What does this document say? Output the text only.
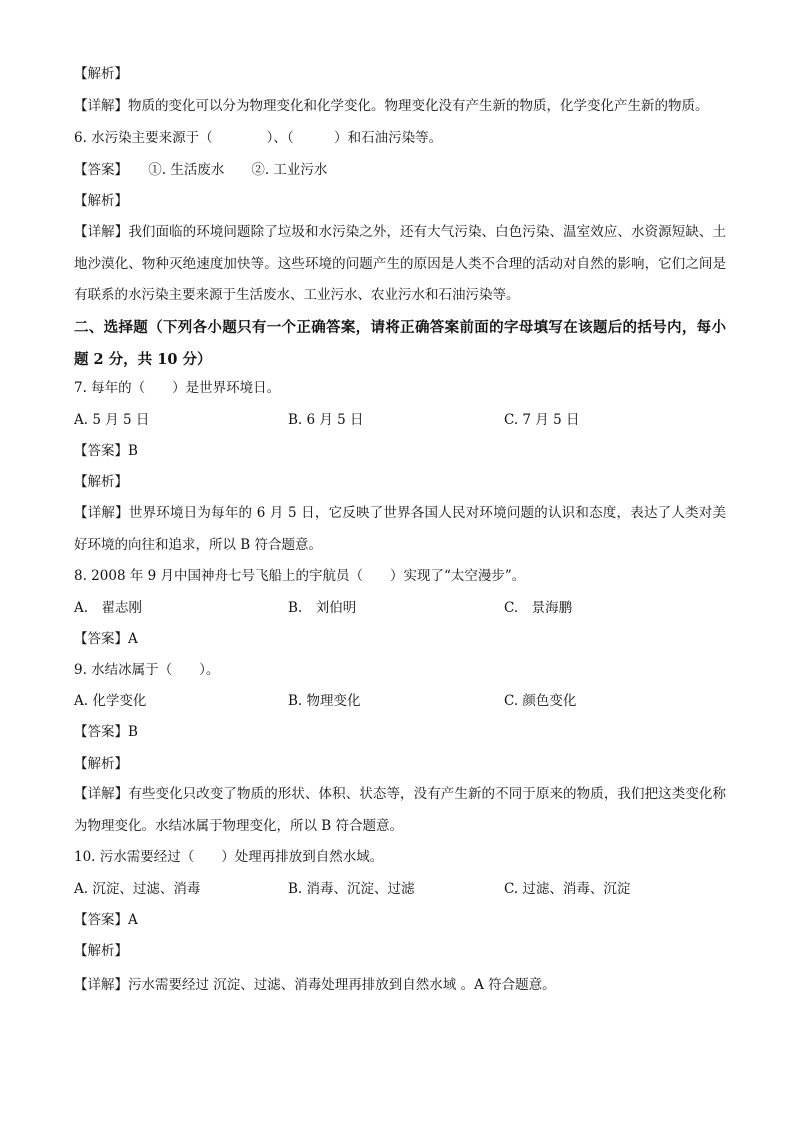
【解析】
【详解】物质的变化可以分为物理变化和化学变化。物理变化没有产生新的物质，化学变化产生新的物质。
6. 水污染主要来源于（　　　　）、（　　　）和石油污染等。
【答案】　　①. 生活废水　　②. 工业污水
【解析】
【详解】我们面临的环境问题除了垃圾和水污染之外，还有大气污染、白色污染、温室效应、水资源短缺、土地沙漠化、物种灭绝速度加快等。这些环境的问题产生的原因是人类不合理的活动对自然的影响，它们之间是有联系的水污染主要来源于生活废水、工业污水、农业污水和石油污染等。
二、选择题（下列各小题只有一个正确答案，请将正确答案前面的字母填写在该题后的括号内，每小题 2 分，共 10 分）
7. 每年的（　　）是世界环境日。
A. 5 月 5 日	B. 6 月 5 日	C. 7 月 5 日
【答案】B
【解析】
【详解】世界环境日为每年的 6 月 5 日，它反映了世界各国人民对环境问题的认识和态度，表达了人类对美好环境的向往和追求，所以 B 符合题意。
8. 2008 年 9 月中国神舟七号飞船上的宇航员（　　）实现了“太空漫步”。
A.　翟志刚	B.　刘伯明	C.　景海鹏
【答案】A
9. 水结冰属于（　　）。
A. 化学变化	B. 物理变化	C. 颜色变化
【答案】B
【解析】
【详解】有些变化只改变了物质的形状、体积、状态等，没有产生新的不同于原来的物质，我们把这类变化称为物理变化。水结冰属于物理变化，所以 B 符合题意。
10. 污水需要经过（　　）处理再排放到自然水域。
A. 沉淀、过滤、消毒	B. 消毒、沉淀、过滤	C. 过滤、消毒、沉淀
【答案】A
【解析】
【详解】污水需要经过 沉淀、过滤、消毒处理再排放到自然水域 。A 符合题意。
